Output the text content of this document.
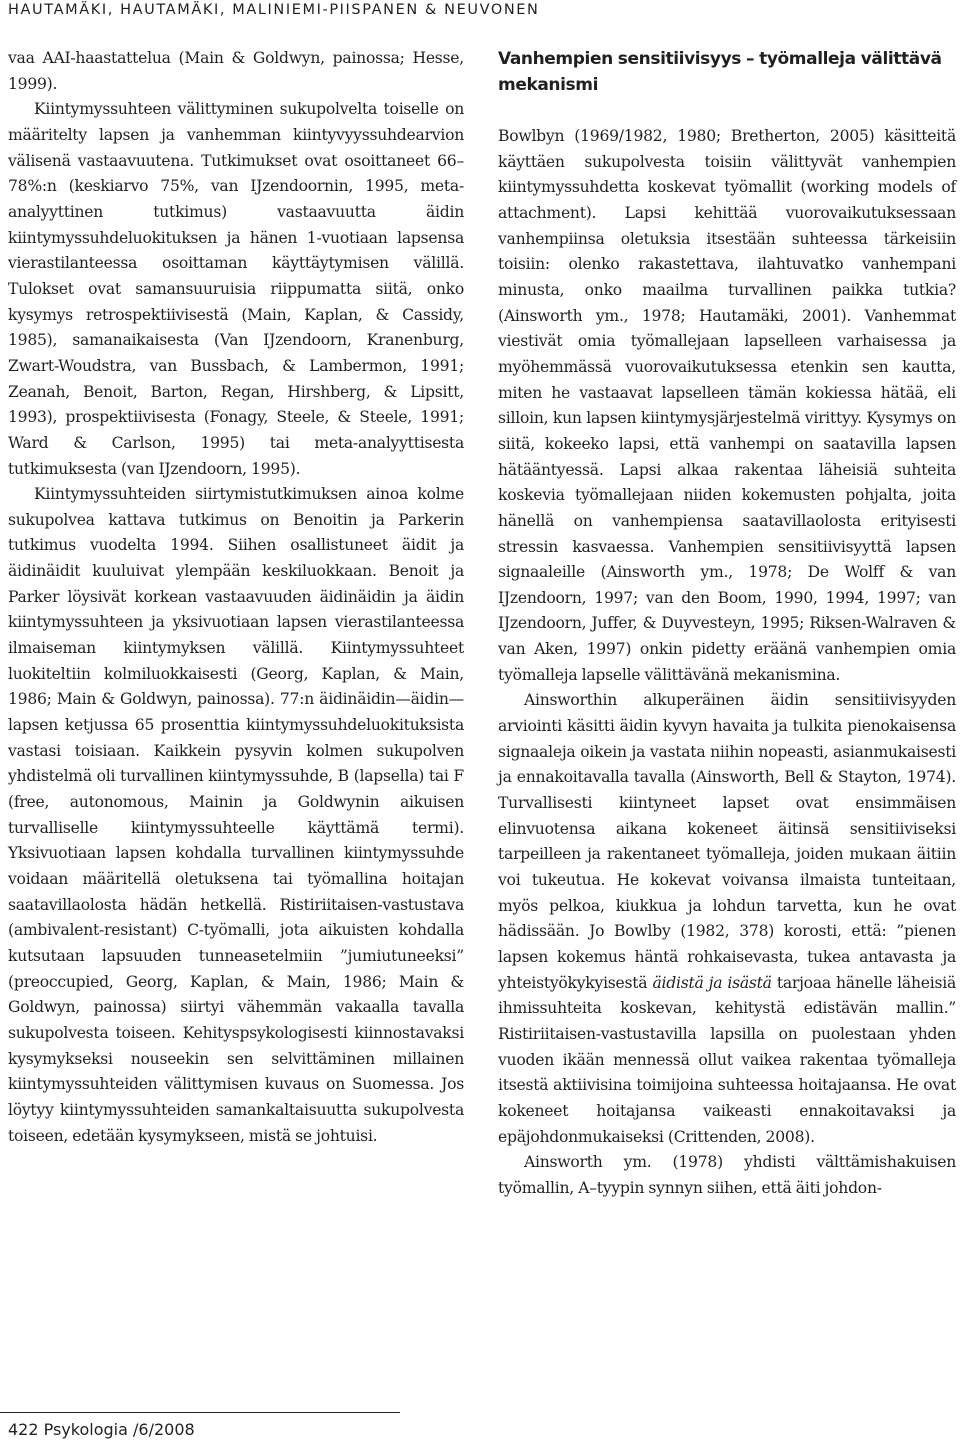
HAUTAMÄKI, HAUTAMÄKI, MALINIEMI-PIISPANEN & NEUVONEN

vaa AAI-haastattelua (Main & Goldwyn, painossa; Hesse, 1999).

Kiintymyssuhteen välittyminen sukupolvelta toiselle on määritelty lapsen ja vanhemman kiintyvyyssuhdearvion välisenä vastaavuutena. Tutkimukset ovat osoittaneet 66–78%:n (keskiarvo 75%, van IJzendoornin, 1995, meta-analyyttinen tutkimus) vastaavuutta äidin kiintymyssuhdeluokituksen ja hänen 1-vuotiaan lapsensa vierastilanteessa osoittaman käyttäytymisen välillä. Tulokset ovat samansuuruisia riippumatta siitä, onko kysymys retrospektiivisestä (Main, Kaplan, & Cassidy, 1985), samanaikaisesta (Van IJzendoorn, Kranenburg, Zwart-Woudstra, van Bussbach, & Lambermon, 1991; Zeanah, Benoit, Barton, Regan, Hirshberg, & Lipsitt, 1993), prospektiivisesta (Fonagy, Steele, & Steele, 1991; Ward & Carlson, 1995) tai meta-analyyttisesta tutkimuksesta (van IJzendoorn, 1995).

Kiintymyssuhteiden siirtymistutkimuksen ainoa kolme sukupolvea kattava tutkimus on Benoitin ja Parkerin tutkimus vuodelta 1994. Siihen osallistuneet äidit ja äidinäidit kuuluivat ylempään keskiluokkaan. Benoit ja Parker löysivät korkean vastaavuuden äidinäidin ja äidin kiintymyssuhteen ja yksivuotiaan lapsen vierastilanteessa ilmaiseman kiintymyksen välillä. Kiintymyssuhteet luokiteltiin kolmiluokkaisesti (Georg, Kaplan, & Main, 1986; Main & Goldwyn, painossa). 77:n äidinäidin—äidin—lapsen ketjussa 65 prosenttia kiintymyssuhdeluokituksista vastasi toisiaan. Kaikkein pysyvin kolmen sukupolven yhdistelmä oli turvallinen kiintymyssuhde, B (lapsella) tai F (free, autonomous, Mainin ja Goldwynin aikuisen turvalliselle kiintymyssuhteelle käyttämä termi). Yksivuotiaan lapsen kohdalla turvallinen kiintymyssuhde voidaan määritellä oletuksena tai työmallina hoitajan saatavillaolosta hädän hetkellä. Ristiriitaisen-vastustava (ambivalent-resistant) C-työmalli, jota aikuisten kohdalla kutsutaan lapsuuden tunneasetelmiin ”jumiutuneeksi” (preoccupied, Georg, Kaplan, & Main, 1986; Main & Goldwyn, painossa) siirtyi vähemmän vakaalla tavalla sukupolvesta toiseen. Kehityspsykologisesti kiinnostavaksi kysymykseksi nouseekin sen selvittäminen millainen kiintymyssuhteiden välittymisen kuvaus on Suomessa. Jos löytyy kiintymyssuhteiden samankaltaisuutta sukupolvesta toiseen, edetään kysymykseen, mistä se johtuisi.

Vanhempien sensitiivisyys – työmalleja välittävä mekanismi

Bowlbyn (1969/1982, 1980; Bretherton, 2005) käsitteitä käyttäen sukupolvesta toisiin välittyvät vanhempien kiintymyssuhdetta koskevat työmallit (working models of attachment). Lapsi kehittää vuorovaikutuksessaan vanhempiinsa oletuksia itsestään suhteessa tärkeisiin toisiin: olenko rakastettava, ilahtuvatko vanhempani minusta, onko maailma turvallinen paikka tutkia? (Ainsworth ym., 1978; Hautamäki, 2001). Vanhemmat viestivät omia työmallejaan lapselleen varhaisessa ja myöhemmässä vuorovaikutuksessa etenkin sen kautta, miten he vastaavat lapselleen tämän kokiessa hätää, eli silloin, kun lapsen kiintymysjärjestelmä virittyy. Kysymys on siitä, kokeeko lapsi, että vanhempi on saatavilla lapsen hätääntyessä. Lapsi alkaa rakentaa läheisiä suhteita koskevia työmallejaan niiden kokemusten pohjalta, joita hänellä on vanhempiensa saatavillaolosta erityisesti stressin kasvaessa. Vanhempien sensitiivisyyttä lapsen signaaleille (Ainsworth ym., 1978; De Wolff & van IJzendoorn, 1997; van den Boom, 1990, 1994, 1997; van IJzendoorn, Juffer, & Duyvesteyn, 1995; Riksen-Walraven & van Aken, 1997) onkin pidetty eräänä vanhempien omia työmalleja lapselle välittävänä mekanismina.

Ainsworthin alkuperäinen äidin sensitiivisyyden arviointi käsitti äidin kyvyn havaita ja tulkita pienokaisensa signaaleja oikein ja vastata niihin nopeasti, asianmukaisesti ja ennakoitavalla tavalla (Ainsworth, Bell & Stayton, 1974). Turvallisesti kiintyneet lapset ovat ensimmäisen elinvuotensa aikana kokeneet äitinsä sensitiiviseksi tarpeilleen ja rakentaneet työmalleja, joiden mukaan äitiin voi tukeutua. He kokevat voivansa ilmaista tunteitaan, myös pelkoa, kiukkua ja lohdun tarvetta, kun he ovat hädissään. Jo Bowlby (1982, 378) korosti, että: ”pienen lapsen kokemus häntä rohkaisevasta, tukea antavasta ja yhteistyökykyisestä äidistä ja isästä tarjoaa hänelle läheisiä ihmissuhteita koskevan, kehitystä edistävän mallin.” Ristiriitaisen-vastustavilla lapsilla on puolestaan yhden vuoden ikään mennessä ollut vaikea rakentaa työmalleja itsestä aktiivisina toimijoina suhteessa hoitajaansa. He ovat kokeneet hoitajansa vaikeasti ennakoitavaksi ja epäjohdonmukaiseksi (Crittenden, 2008).

Ainsworth ym. (1978) yhdisti välttämishakuisen työmallin, A–tyypin synnyn siihen, että äiti johdon-

422 Psykologia /6/2008
